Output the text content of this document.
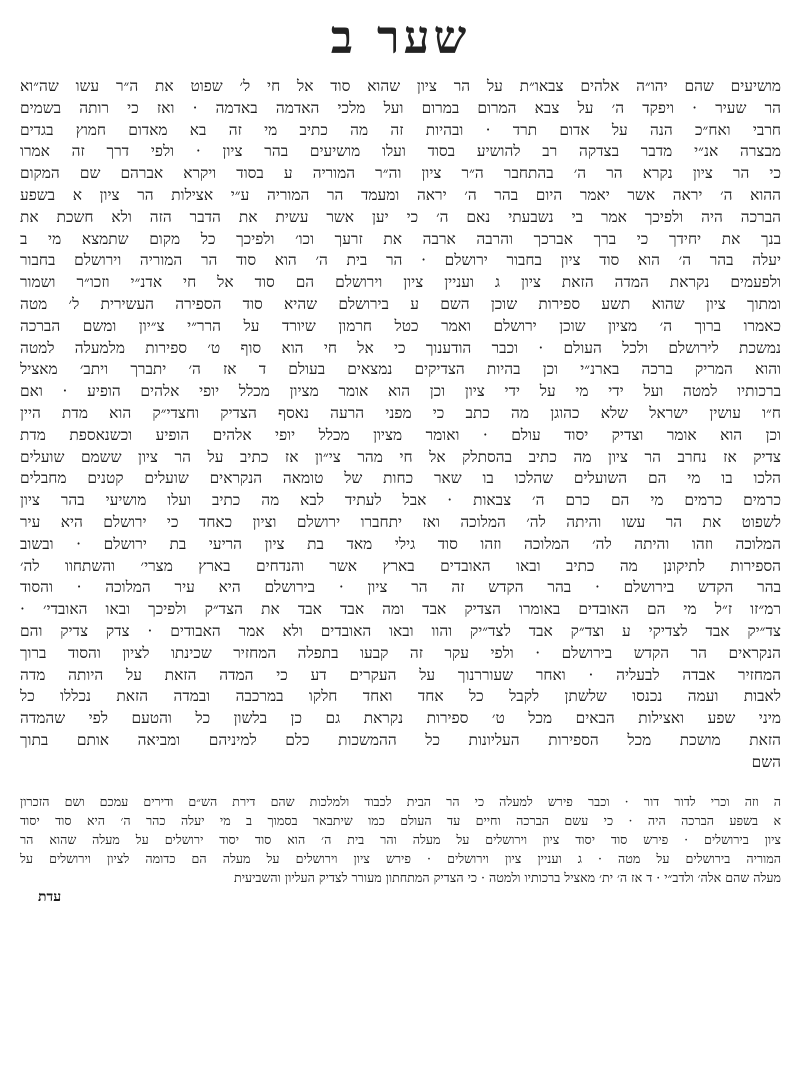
שער ב
מושיעים שהם יהו״ה אלהים צבאו״ת על הר ציון שהוא סוד אל חי ל׳ שפוט את ה״ר עשו שה״וא
הר שעיר · ויפקד ה׳ על צבא המרום במרום ועל מלכי האדמה באדמה · ואז כי רותה בשמים
חרבי ואח״כ הנה על אדום תרד · ובהיות זה מה כתיב מי זה בא מאדום חמוץ בגדים
מבצרה אנ״י מדבר בצדקה רב להושיע בסוד ועלו מושיעים בהר ציון · ולפי דרך זה אמרו
כי הר ציון נקרא הר ה׳ בהתחבר ה״ר ציון וה״ר המוריה ע בסוד ויקרא אברהם שם המקום
ההוא ה׳ יראה אשר יאמר היום בהר ה׳ יראה ומעמד הר המוריה ע״י אצילות הר ציון א בשפע
הברכה היה ולפיכך אמר בי נשבעתי נאם ה׳ כי יען אשר עשית את הדבר הזה ולא חשכת את
בנך את יחידך כי ברך אברכך והרבה ארבה את זרעך וכו׳ ולפיכך כל מקום שתמצא מי ב
יעלה בהר ה׳ הוא סוד ציון בחבור ירושלם · הר בית ה׳ הוא סוד הר המוריה וירושלם בחבור
ולפעמים נקראת המדה הזאת ציון ג ועניין ציון וירושלם הם סוד אל חי אדנ״י וזכו״ר ושמור
ומתוך ציון שהוא תשע ספירות שוכן השם ע בירושלם שהיא סוד הספירה העשירית ל׳ מטה
כאמרו ברוך ה׳ מציון שוכן ירושלם ואמר כטל חרמון שיורד על הרר״י צ״יון ומשם הברכה
נמשכת לירושלם ולכל העולם · וכבר הודענוך כי אל חי הוא סוף ט׳ ספירות מלמעלה למטה
והוא המריק ברכה בארנ״י וכן בהיות הצדיקים נמצאים בעולם ד אז ה׳ יתברך ויתב׳ מאציל
ברכותיו למטה ועל ידי מי על ידי ציון וכן הוא אומר מציון מכלל יופי אלהים הופיע · ואם
ח״ו עושין ישראל שלא כהוגן מה כתב כי מפני הרעה נאסף הצדיק וחצדי״ק הוא מדת היין
וכן הוא אומר וצדיק יסוד עולם · ואומר מציון מכלל יופי אלהים הופיע וכשנאספת מדת
צדיק אז נחרב הר ציון מה כתיב בהסתלק אל חי מהר צי״ון אז כתיב על הר ציון ששמם שועלים
הלכו בו מי הם השועלים שהלכו בו שאר כחות של טומאה הנקראים שועלים קטנים מחבלים
כרמים כרמים מי הם כרם ה׳ צבאות · אבל לעתיד לבא מה כתיב ועלו מושיעי בהר ציון
לשפוט את הר עשו והיתה לה׳ המלוכה ואז יתחברו ירושלם וציון כאחד כי ירושלם היא עיר
המלוכה וזהו והיתה לה׳ המלוכה וזהו סוד גילי מאד בת ציון הריעי בת ירושלם · ובשוב
הספירות לתיקונן מה כתיב ובאו האובדים בארץ אשר והנדחים בארץ מצרי׳ והשתחוו לה׳
בהר הקדש בירושלם · בהר הקדש זה הר ציון · בירושלם היא עיר המלוכה · והסוד
רמ״זו ז״ל מי הם האובדים באומרו הצדיק אבד ומה אבד אבד את הצד״ק ולפיכך ובאו האובדי׳ ·
צד״יק אבד לצדיקי ע וצד״ק אבד לצד״יק והוו ובאו האובדים ולא אמר האבודים · צדק צדיק והם
הנקראים הר הקדש בירושלם · ולפי עקר זה קבעו בתפלה המחזיר שכינתו לציון והסוד ברוך
המחזיר אבדה לבעליה · ואחר שעוררנוך על העקרים דע כי המדה הזאת על היותה מדה
לאבות ועמה נכנסו שלשתן לקבל כל אחד ואחד חלקו במרכבה ובמדה הזאת נכללו כל
מיני שפע ואצילות הבאים מכל ט׳ ספירות נקראת גם כן בלשון כל והטעם לפי שהמדה
הזאת מושכת מכל הספירות העליונות כל ההמשכות כלם למיניהם ומביאה אותם בתוך
השם
ה וזה וכרי לדור דור · וכבר פירש למעלה כי הר הבית לכבוד ולמלכות שהם דירת הש״ם ודירים עמכם ושם הזכרון
א בשפע הברכה היה · כי עשם הברכה וחיים עד העולם כמו שיתבאר בסמוך ב מי יעלה כהר ה׳ היא סוד יסוד
ציון בירושלים · פירש סוד יסוד ציון וירושלים על מעלה והר בית ה׳ הוא סוד יסוד ירושלים על מעלה שהוא הר
המוריה בירושלים על מטה · ג ועניין ציון וירושלים · פירש ציון וירושלים על מעלה הם כדומה לציון וירושלים על
מעלה שהם אלה׳ ולדב״י · ד אז ה׳ ית׳ מאציל ברכותיו ולמטה · כי הצדיק המתחתון מעורר לצדיק העליון והשביעית
עדת
